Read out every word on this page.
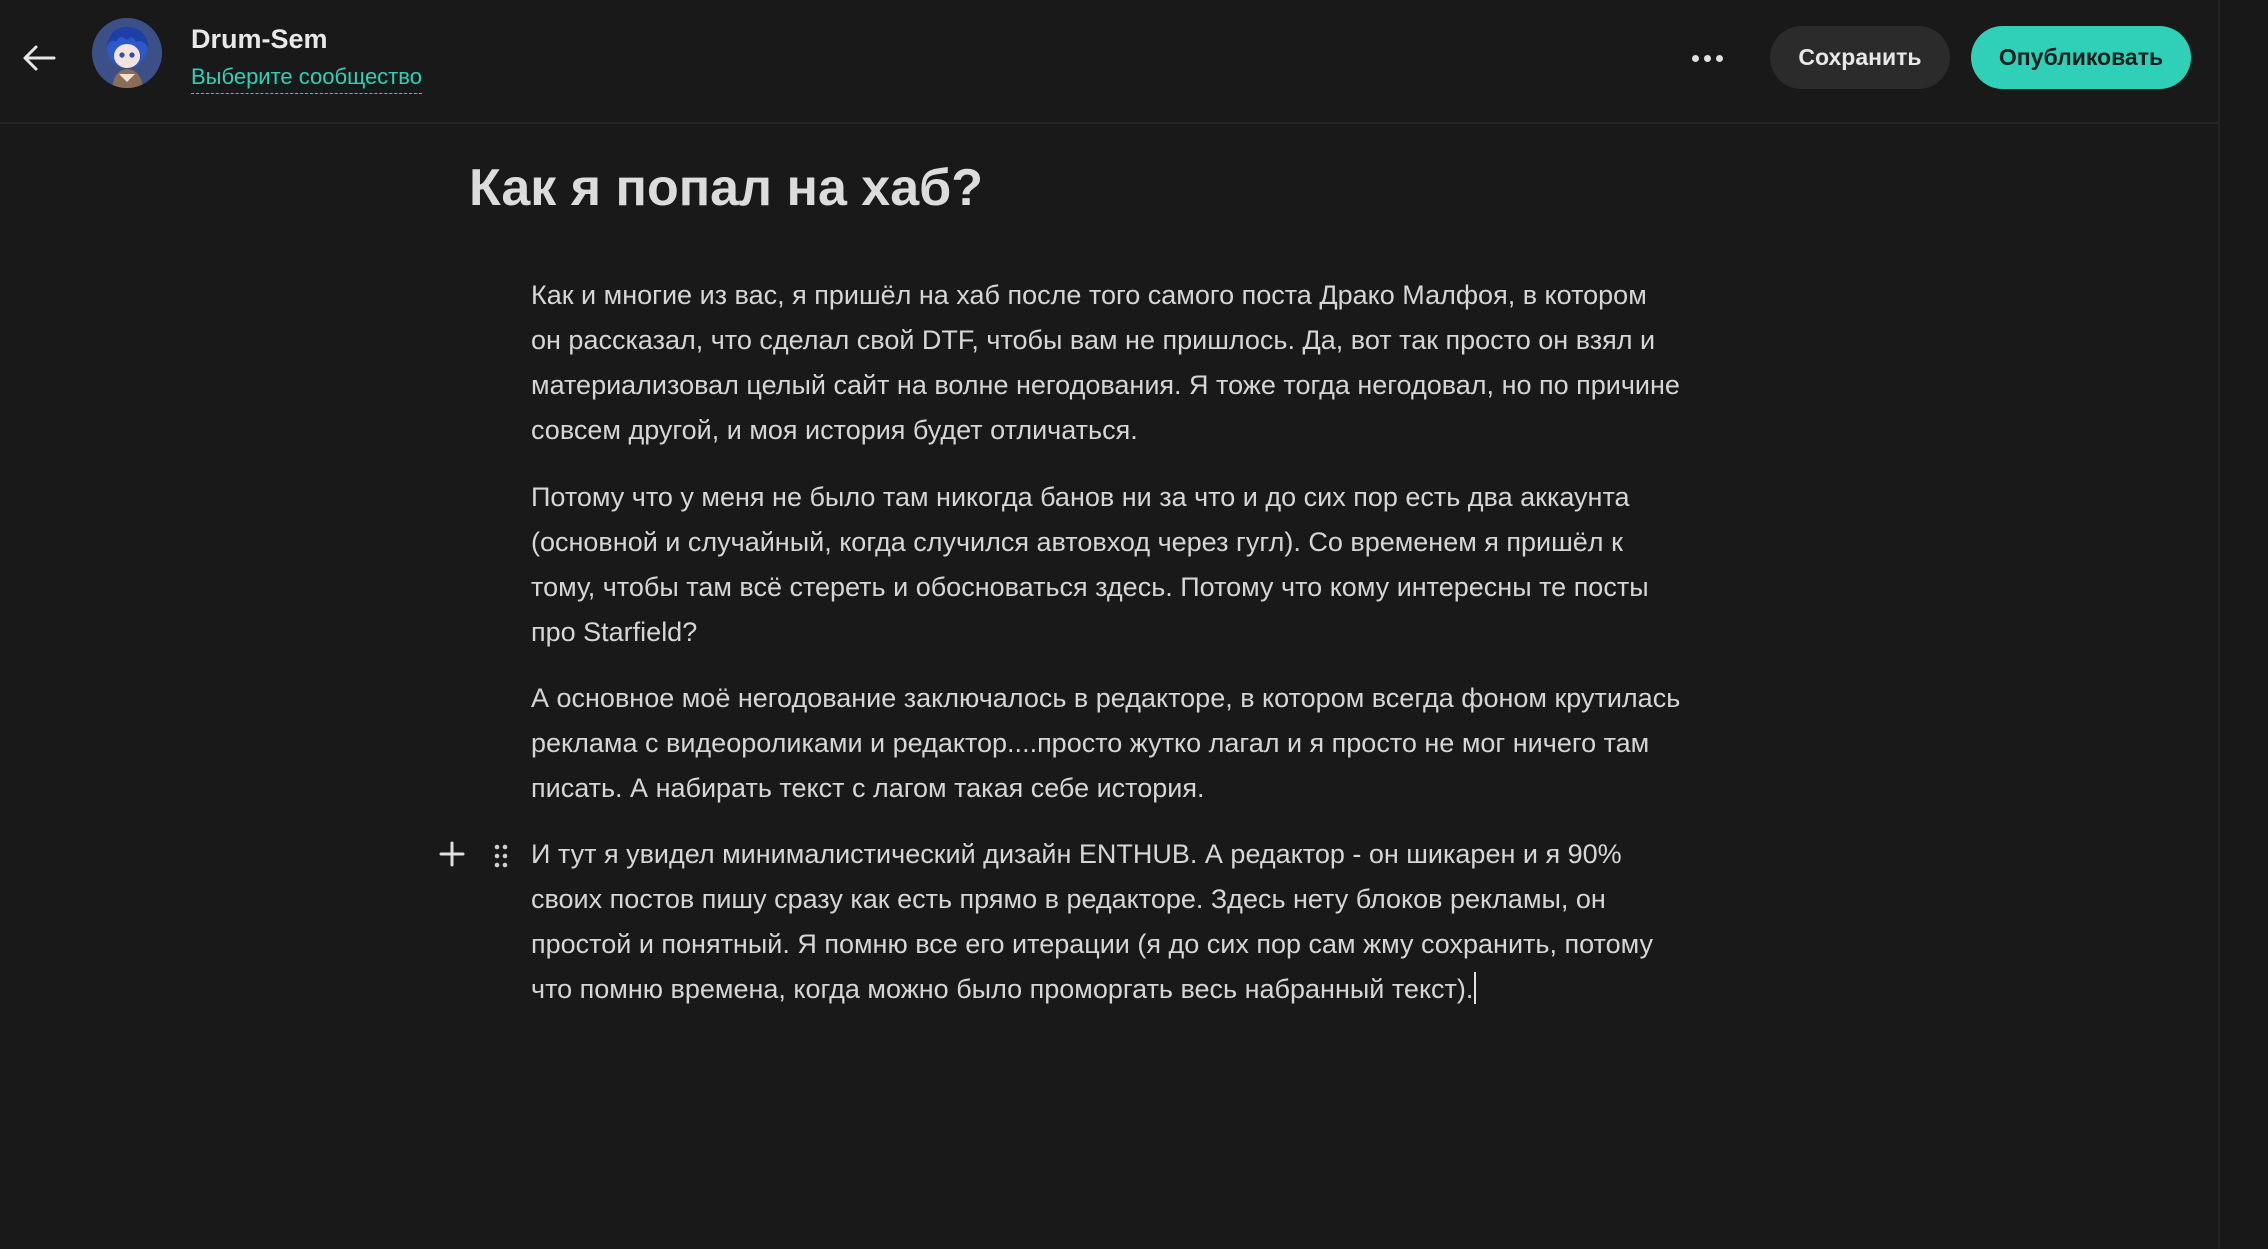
Drum-Sem
Выберите сообщество
Сохранить	Опубликовать
Как я попал на хаб?

Как и многие из вас, я пришёл на хаб после того самого поста Драко Малфоя, в котором он рассказал, что сделал свой DTF, чтобы вам не пришлось. Да, вот так просто он взял и материализовал целый сайт на волне негодования. Я тоже тогда негодовал, но по причине совсем другой, и моя история будет отличаться.

Потому что у меня не было там никогда банов ни за что и до сих пор есть два аккаунта (основной и случайный, когда случился автовход через гугл). Со временем я пришёл к тому, чтобы там всё стереть и обосноваться здесь. Потому что кому интересны те посты про Starfield?

А основное моё негодование заключалось в редакторе, в котором всегда фоном крутилась реклама с видеороликами и редактор....просто жутко лагал и я просто не мог ничего там писать. А набирать текст с лагом такая себе история.

И тут я увидел минималистический дизайн ENTHUB. А редактор - он шикарен и я 90% своих постов пишу сразу как есть прямо в редакторе. Здесь нету блоков рекламы, он простой и понятный. Я помню все его итерации (я до сих пор сам жму сохранить, потому что помню времена, когда можно было проморгать весь набранный текст).
